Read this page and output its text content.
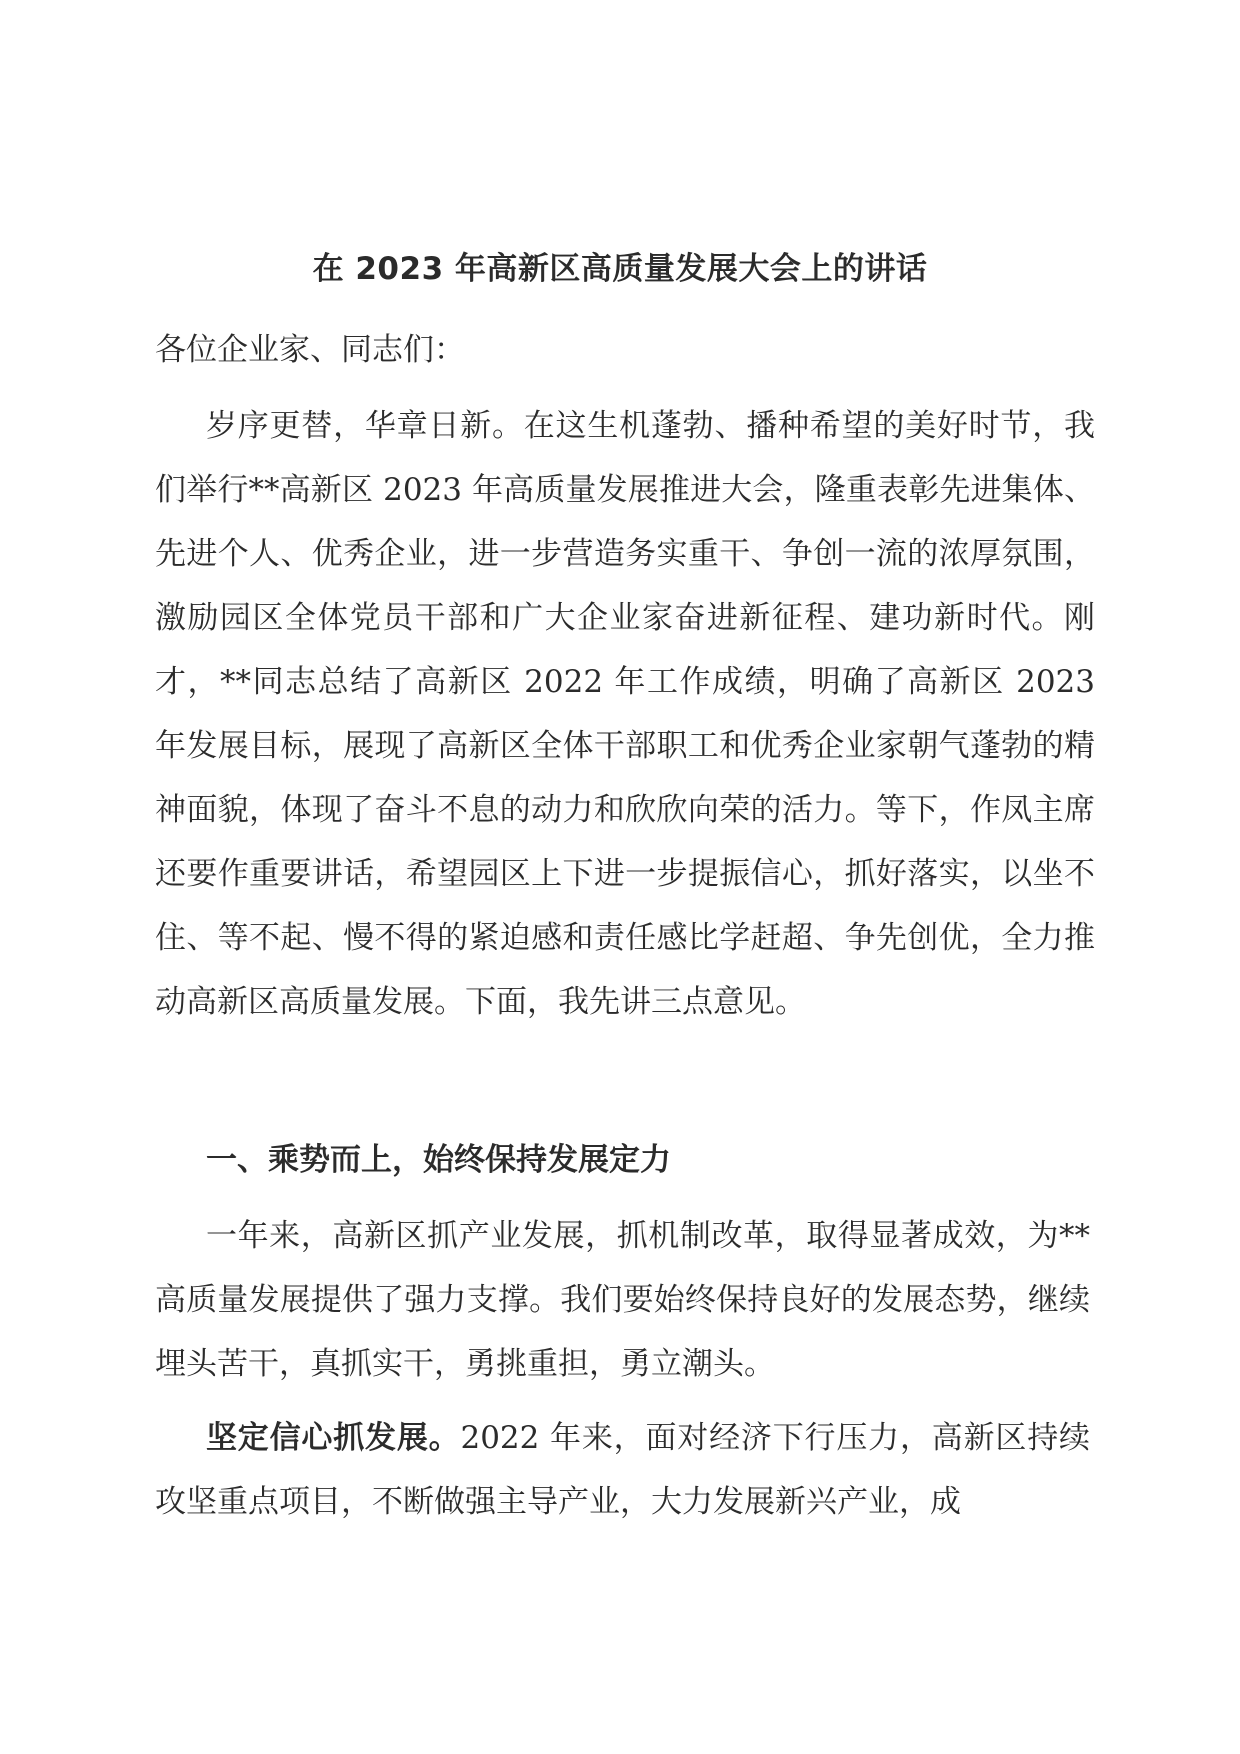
在 2023 年高新区高质量发展大会上的讲话

各位企业家、同志们：

岁序更替，华章日新。在这生机蓬勃、播种希望的美好时节，我们举行**高新区 2023 年高质量发展推进大会，隆重表彰先进集体、先进个人、优秀企业，进一步营造务实重干、争创一流的浓厚氛围，激励园区全体党员干部和广大企业家奋进新征程、建功新时代。刚才，**同志总结了高新区 2022 年工作成绩，明确了高新区 2023 年发展目标，展现了高新区全体干部职工和优秀企业家朝气蓬勃的精神面貌，体现了奋斗不息的动力和欣欣向荣的活力。等下，作凤主席还要作重要讲话，希望园区上下进一步提振信心，抓好落实，以坐不住、等不起、慢不得的紧迫感和责任感比学赶超、争先创优，全力推动高新区高质量发展。下面，我先讲三点意见。

一、乘势而上，始终保持发展定力

一年来，高新区抓产业发展，抓机制改革，取得显著成效，为**高质量发展提供了强力支撑。我们要始终保持良好的发展态势，继续埋头苦干，真抓实干，勇挑重担，勇立潮头。

坚定信心抓发展。2022 年来，面对经济下行压力，高新区持续攻坚重点项目，不断做强主导产业，大力发展新兴产业，成
